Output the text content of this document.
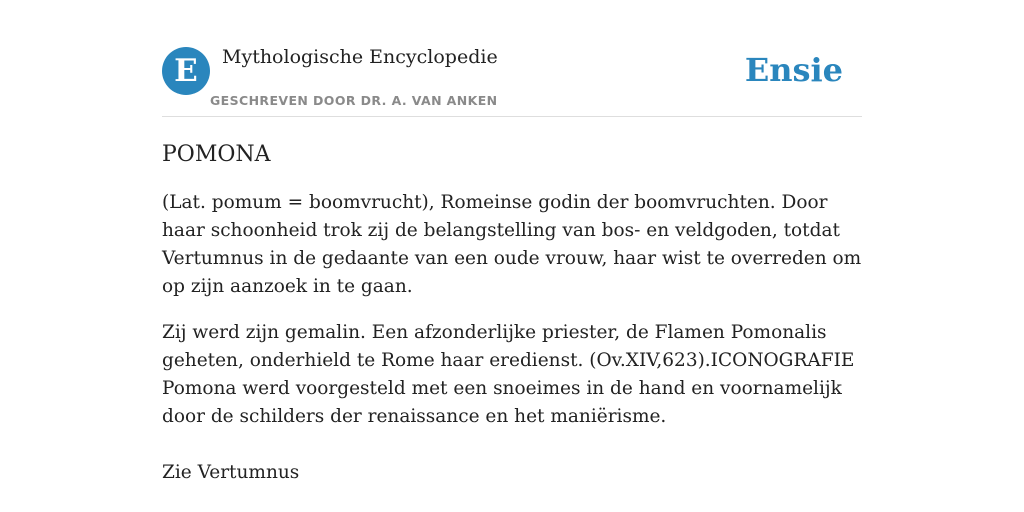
E	Mythologische Encyclopedie
GESCHREVEN DOOR DR. A. VAN ANKEN
Ensie
POMONA

(Lat. pomum = boomvrucht), Romeinse godin der boomvruchten. Door haar schoonheid trok zij de belangstelling van bos- en veldgoden, totdat Vertumnus in de gedaante van een oude vrouw, haar wist te overreden om op zijn aanzoek in te gaan.

Zij werd zijn gemalin. Een afzonderlijke priester, de Flamen Pomonalis geheten, onderhield te Rome haar eredienst. (Ov.XIV,623).ICONOGRAFIE Pomona werd voorgesteld met een snoeimes in de hand en voornamelijk door de schilders der renaissance en het maniërisme.

Zie Vertumnus
